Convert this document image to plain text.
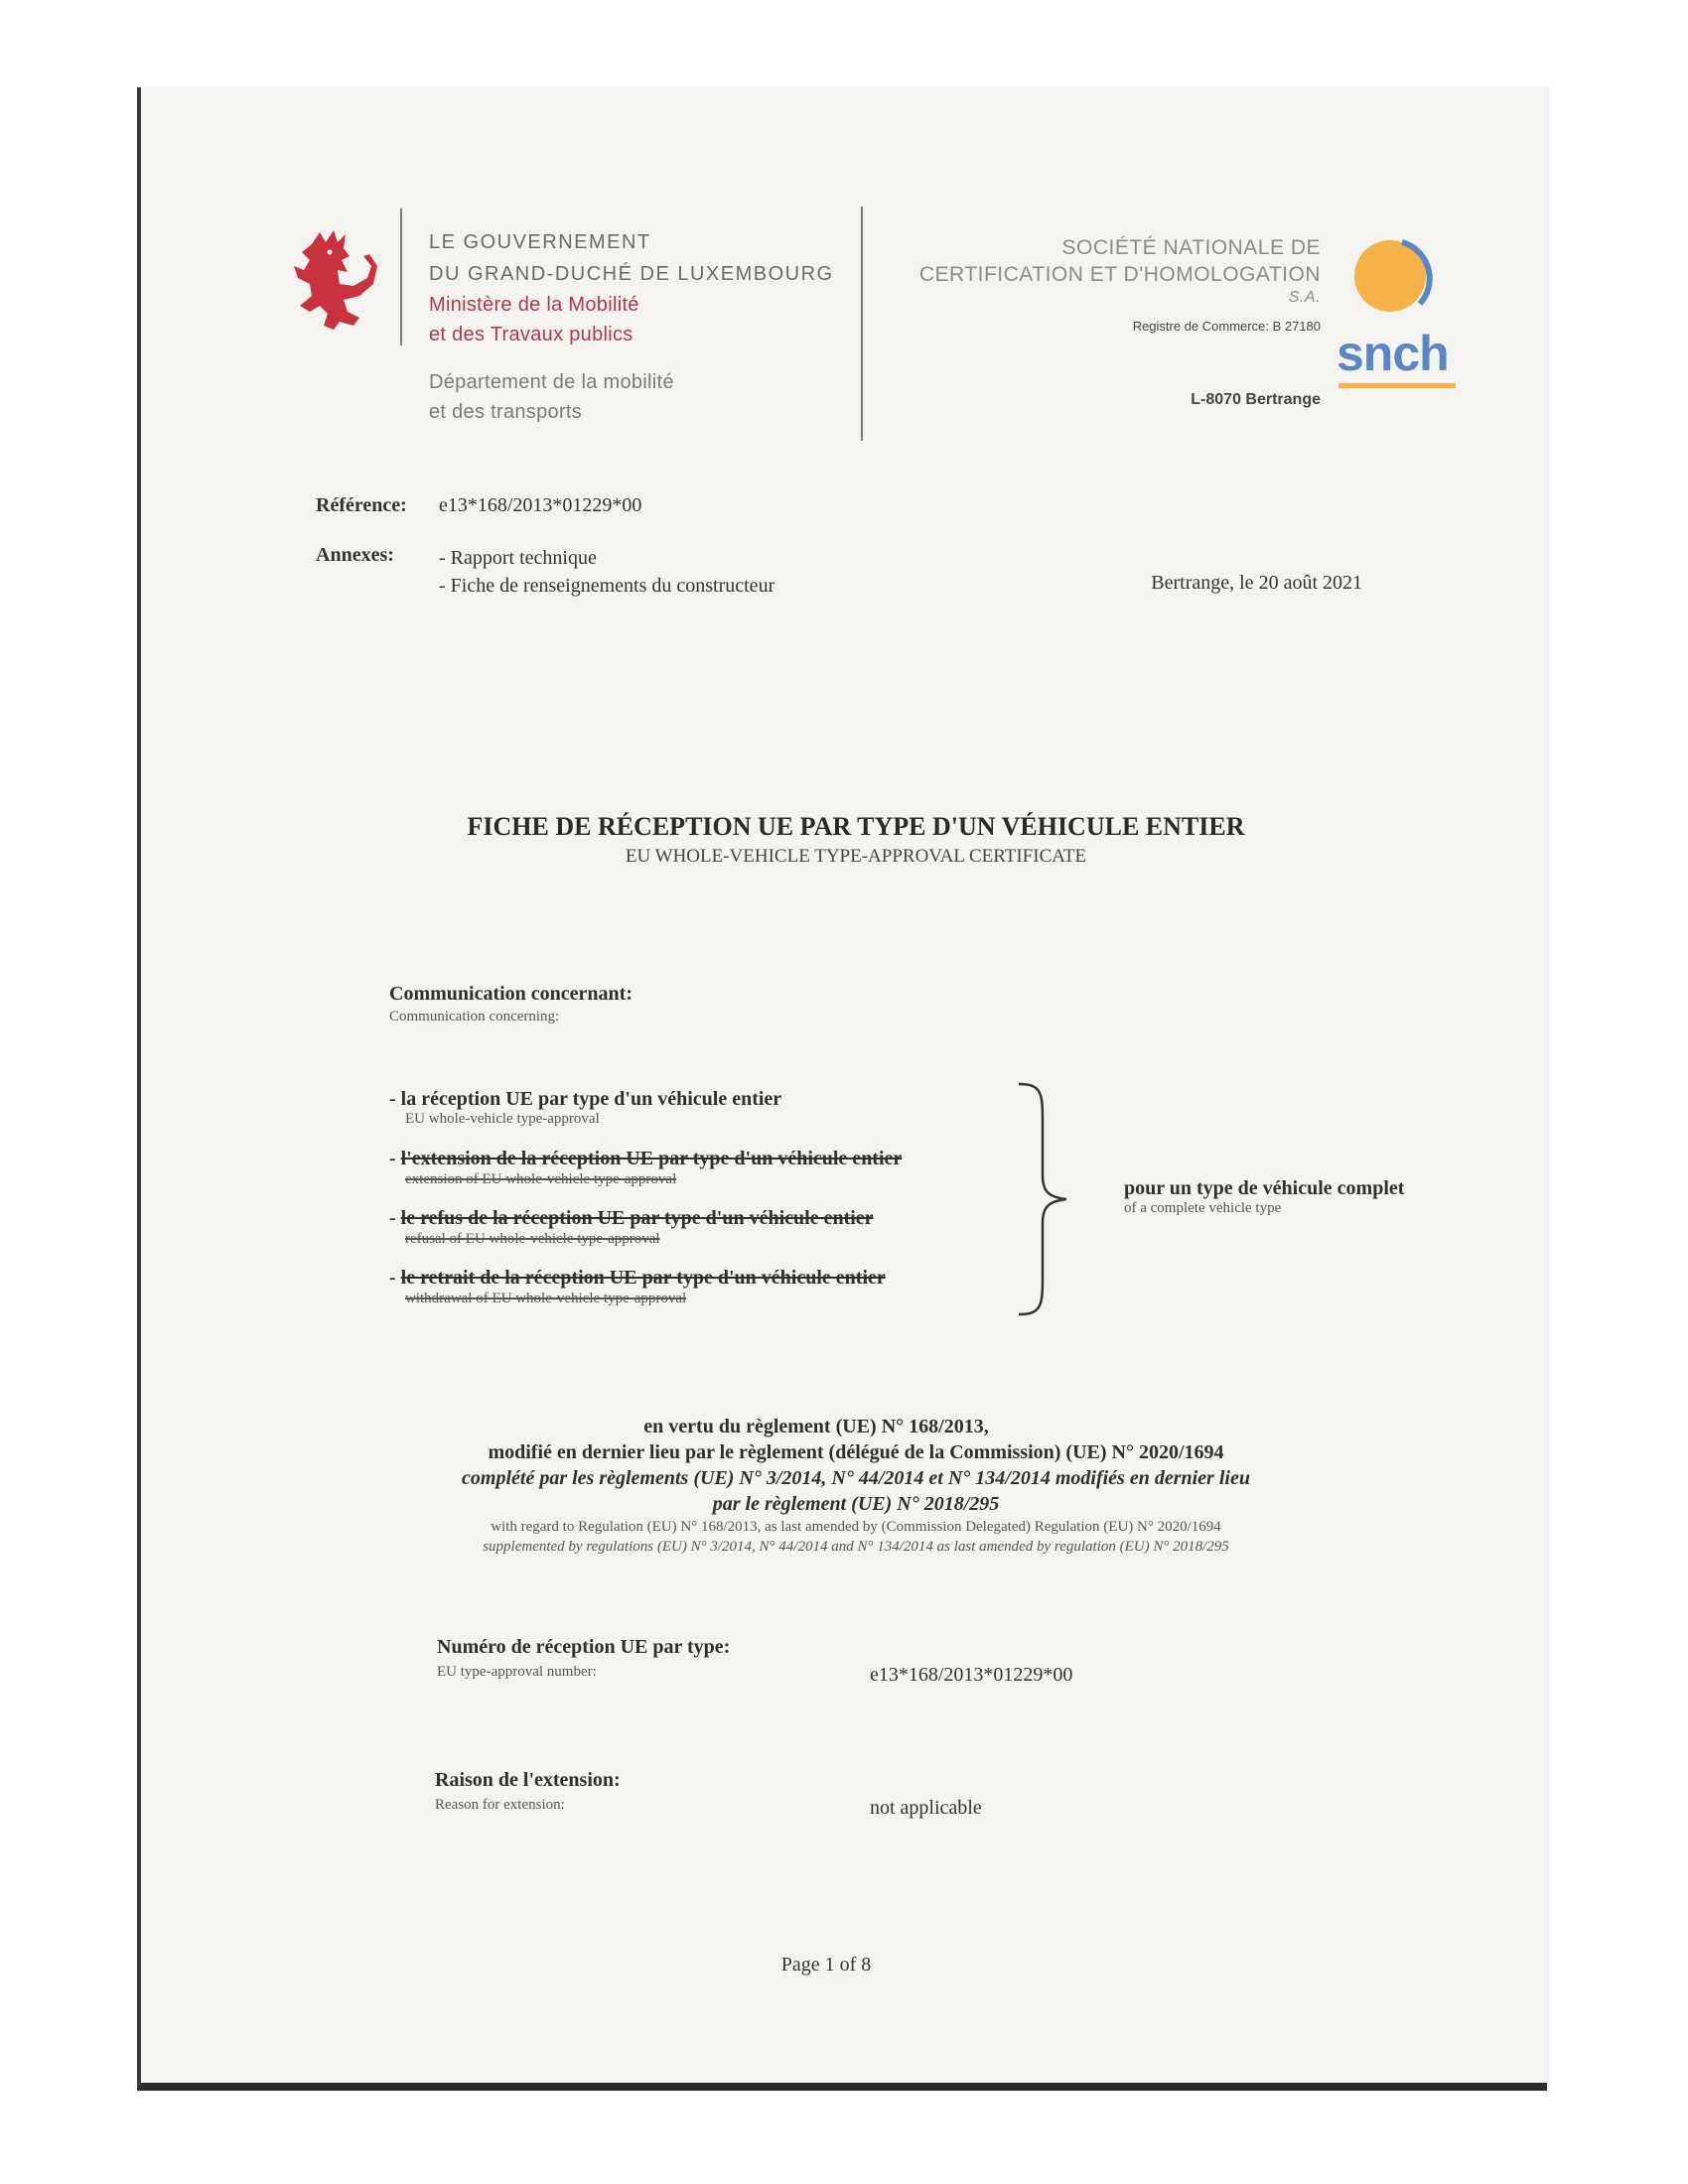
LE GOUVERNEMENT
DU GRAND-DUCHÉ DE LUXEMBOURG
Ministère de la Mobilité
et des Travaux publics
Département de la mobilité
et des transports
SOCIÉTÉ NATIONALE DE
CERTIFICATION ET D'HOMOLOGATION
S.A.
Registre de Commerce: B 27180
L-8070 Bertrange
snch
Référence: e13*168/2013*01229*00
Annexes: - Rapport technique
- Fiche de renseignements du constructeur	Bertrange, le 20 août 2021
FICHE DE RÉCEPTION UE PAR TYPE D'UN VÉHICULE ENTIER
EU WHOLE-VEHICLE TYPE-APPROVAL CERTIFICATE
Communication concernant:
Communication concerning:
- la réception UE par type d'un véhicule entier
EU whole-vehicle type-approval
- l'extension de la réception UE par type d'un véhicule entier
extension of EU whole-vehicle type-approval
- le refus de la réception UE par type d'un véhicule entier
refusal of EU whole-vehicle type-approval
- le retrait de la réception UE par type d'un véhicule entier
withdrawal of EU whole-vehicle type-approval
pour un type de véhicule complet
of a complete vehicle type
en vertu du règlement (UE) N° 168/2013,
modifié en dernier lieu par le règlement (délégué de la Commission) (UE) N° 2020/1694
complété par les règlements (UE) N° 3/2014, N° 44/2014 et N° 134/2014 modifiés en dernier lieu
par le règlement (UE) N° 2018/295
with regard to Regulation (EU) N° 168/2013, as last amended by (Commission Delegated) Regulation (EU) N° 2020/1694
supplemented by regulations (EU) N° 3/2014, N° 44/2014 and N° 134/2014 as last amended by regulation (EU) N° 2018/295
Numéro de réception UE par type:
EU type-approval number:	e13*168/2013*01229*00
Raison de l'extension:
Reason for extension:	not applicable
Page 1 of 8
